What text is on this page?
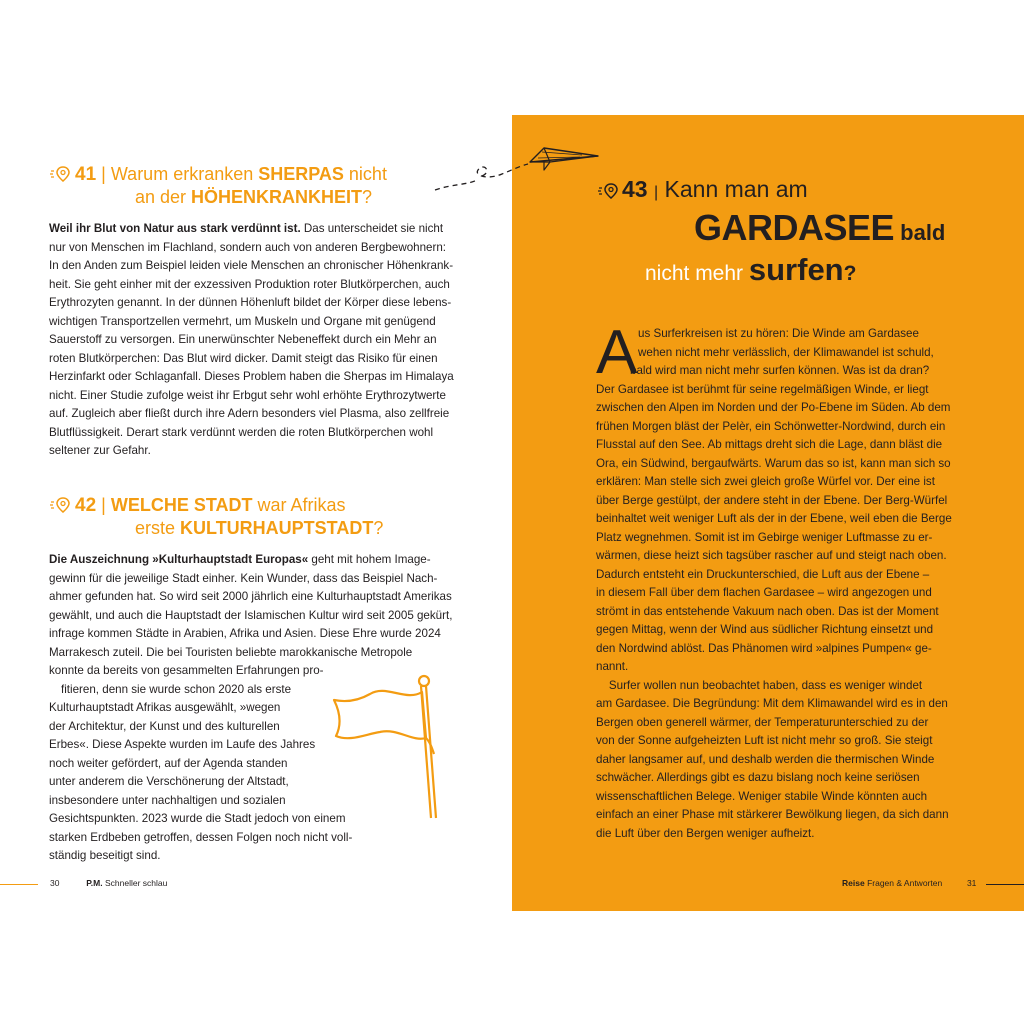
41 | Warum erkranken SHERPAS nicht
an der HÖHENKRANKHEIT?
Weil ihr Blut von Natur aus stark verdünnt ist. Das unterscheidet sie nicht
nur von Menschen im Flachland, sondern auch von anderen Bergbewohnern:
In den Anden zum Beispiel leiden viele Menschen an chronischer Höhenkrank-
heit. Sie geht einher mit der exzessiven Produktion roter Blutkörperchen, auch
Erythrozyten genannt. In der dünnen Höhenluft bildet der Körper diese lebens-
wichtigen Transportzellen vermehrt, um Muskeln und Organe mit genügend
Sauerstoff zu versorgen. Ein unerwünschter Nebeneffekt durch ein Mehr an
roten Blutkörperchen: Das Blut wird dicker. Damit steigt das Risiko für einen
Herzinfarkt oder Schlaganfall. Dieses Problem haben die Sherpas im Himalaya
nicht. Einer Studie zufolge weist ihr Erbgut sehr wohl erhöhte Erythrozytwerte
auf. Zugleich aber fließt durch ihre Adern besonders viel Plasma, also zellfreie
Blutflüssigkeit. Derart stark verdünnt werden die roten Blutkörperchen wohl
seltener zur Gefahr.
42 | WELCHE STADT war Afrikas
erste KULTURHAUPTSTADT?
Die Auszeichnung »Kulturhauptstadt Europas« geht mit hohem Image-
gewinn für die jeweilige Stadt einher. Kein Wunder, dass das Beispiel Nach-
ahmer gefunden hat. So wird seit 2000 jährlich eine Kulturhauptstadt Amerikas
gewählt, und auch die Hauptstadt der Islamischen Kultur wird seit 2005 gekürt,
infrage kommen Städte in Arabien, Afrika und Asien. Diese Ehre wurde 2024
Marrakesch zuteil. Die bei Touristen beliebte marokkanische Metropole
konnte da bereits von gesammelten Erfahrungen pro-
fitieren, denn sie wurde schon 2020 als erste
Kulturhauptstadt Afrikas ausgewählt, »wegen
der Architektur, der Kunst und des kulturellen
Erbes«. Diese Aspekte wurden im Laufe des Jahres
noch weiter gefördert, auf der Agenda standen
unter anderem die Verschönerung der Altstadt,
insbesondere unter nachhaltigen und sozialen
Gesichtspunkten. 2023 wurde die Stadt jedoch von einem
starken Erdbeben getroffen, dessen Folgen noch nicht voll-
ständig beseitigt sind.
30	P.M. Schneller schlau
43 | Kann man am
GARDASEE bald
nicht mehr surfen?
A us Surferkreisen ist zu hören: Die Winde am Gardasee
wehen nicht mehr verlässlich, der Klimawandel ist schuld,
bald wird man nicht mehr surfen können. Was ist da dran?
Der Gardasee ist berühmt für seine regelmäßigen Winde, er liegt
zwischen den Alpen im Norden und der Po-Ebene im Süden. Ab dem
frühen Morgen bläst der Pelèr, ein Schönwetter-Nordwind, durch ein
Flusstal auf den See. Ab mittags dreht sich die Lage, dann bläst die
Ora, ein Südwind, bergaufwärts. Warum das so ist, kann man sich so
erklären: Man stelle sich zwei gleich große Würfel vor. Der eine ist
über Berge gestülpt, der andere steht in der Ebene. Der Berg-Würfel
beinhaltet weit weniger Luft als der in der Ebene, weil eben die Berge
Platz wegnehmen. Somit ist im Gebirge weniger Luftmasse zu er-
wärmen, diese heizt sich tagsüber rascher auf und steigt nach oben.
Dadurch entsteht ein Druckunterschied, die Luft aus der Ebene –
in diesem Fall über dem flachen Gardasee – wird angezogen und
strömt in das entstehende Vakuum nach oben. Das ist der Moment
gegen Mittag, wenn der Wind aus südlicher Richtung einsetzt und
den Nordwind ablöst. Das Phänomen wird »alpines Pumpen« ge-
nannt.
Surfer wollen nun beobachtet haben, dass es weniger windet
am Gardasee. Die Begründung: Mit dem Klimawandel wird es in den
Bergen oben generell wärmer, der Temperaturunterschied zu der
von der Sonne aufgeheizten Luft ist nicht mehr so groß. Sie steigt
daher langsamer auf, und deshalb werden die thermischen Winde
schwächer. Allerdings gibt es dazu bislang noch keine seriösen
wissenschaftlichen Belege. Weniger stabile Winde könnten auch
einfach an einer Phase mit stärkerer Bewölkung liegen, da sich dann
die Luft über den Bergen weniger aufheizt.
Reise Fragen & Antworten	31
